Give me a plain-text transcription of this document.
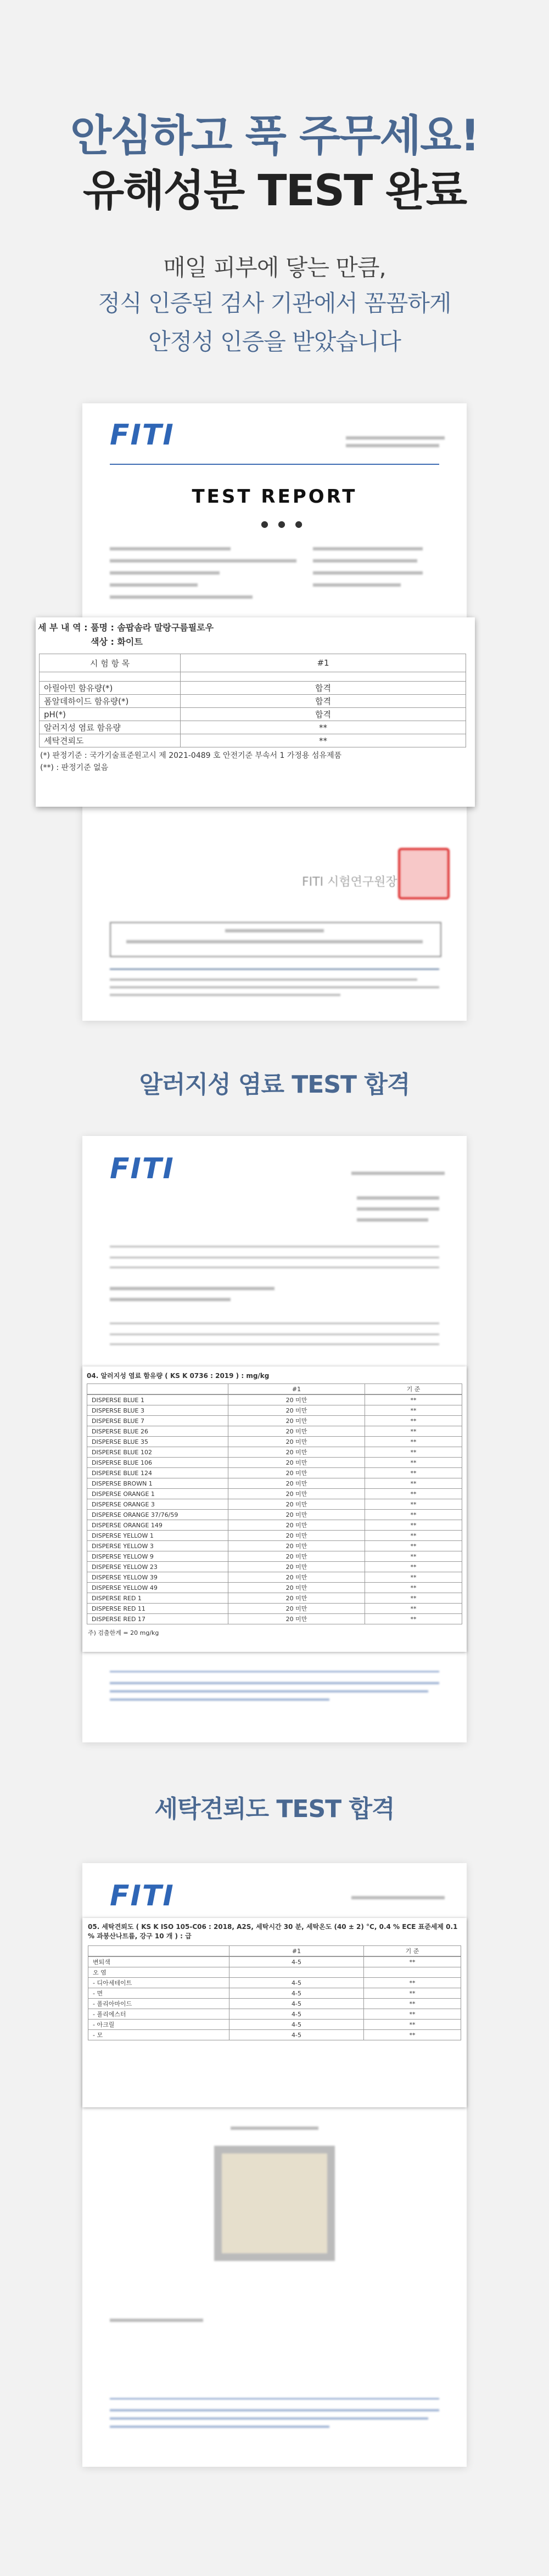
안심하고 푹 주무세요!
유해성분 TEST 완료
매일 피부에 닿는 만큼,
정식 인증된 검사 기관에서 꼼꼼하게
안정성 인증을 받았습니다
FITI
TEST REPORT
● ● ●
세 부 내 역 : 품명 : 솜팝솜라 말랑구름필로우
색상 : 화이트
시 험 항 목	#1

아릴아민 함유량(*)	합격
폼알데하이드 함유량(*)	합격
pH(*)	합격
알러지성 염료 함유량	**
세탁견뢰도	**
(*) 판정기준 : 국가기술표준원고시 제 2021-0489 호 안전기준 부속서 1 가정용 섬유제품
(**) : 판정기준 없음
FITI 시험연구원장
알러지성 염료 TEST 합격
FITI
04. 알러지성 염료 함유량 ( KS K 0736 : 2019 ) : mg/kg
	#1	기 준
DISPERSE BLUE 1	20 미만	**
DISPERSE BLUE 3	20 미만	**
DISPERSE BLUE 7	20 미만	**
DISPERSE BLUE 26	20 미만	**
DISPERSE BLUE 35	20 미만	**
DISPERSE BLUE 102	20 미만	**
DISPERSE BLUE 106	20 미만	**
DISPERSE BLUE 124	20 미만	**
DISPERSE BROWN 1	20 미만	**
DISPERSE ORANGE 1	20 미만	**
DISPERSE ORANGE 3	20 미만	**
DISPERSE ORANGE 37/76/59	20 미만	**
DISPERSE ORANGE 149	20 미만	**
DISPERSE YELLOW 1	20 미만	**
DISPERSE YELLOW 3	20 미만	**
DISPERSE YELLOW 9	20 미만	**
DISPERSE YELLOW 23	20 미만	**
DISPERSE YELLOW 39	20 미만	**
DISPERSE YELLOW 49	20 미만	**
DISPERSE RED 1	20 미만	**
DISPERSE RED 11	20 미만	**
DISPERSE RED 17	20 미만	**
주) 검출한계 = 20 mg/kg
세탁견뢰도 TEST 합격
FITI
05. 세탁견뢰도 ( KS K ISO 105-C06 : 2018, A2S, 세탁시간 30 분, 세탁온도 (40 ± 2) °C, 0.4 % ECE 표준세제 0.1 % 과붕산나트륨, 강구 10 개 ) : 급
	#1	기 준
변퇴색	4-5	**
오 염		
- 디아세테이트	4-5	**
- 면	4-5	**
- 폴리아마이드	4-5	**
- 폴리에스터	4-5	**
- 아크릴	4-5	**
- 모	4-5	**
